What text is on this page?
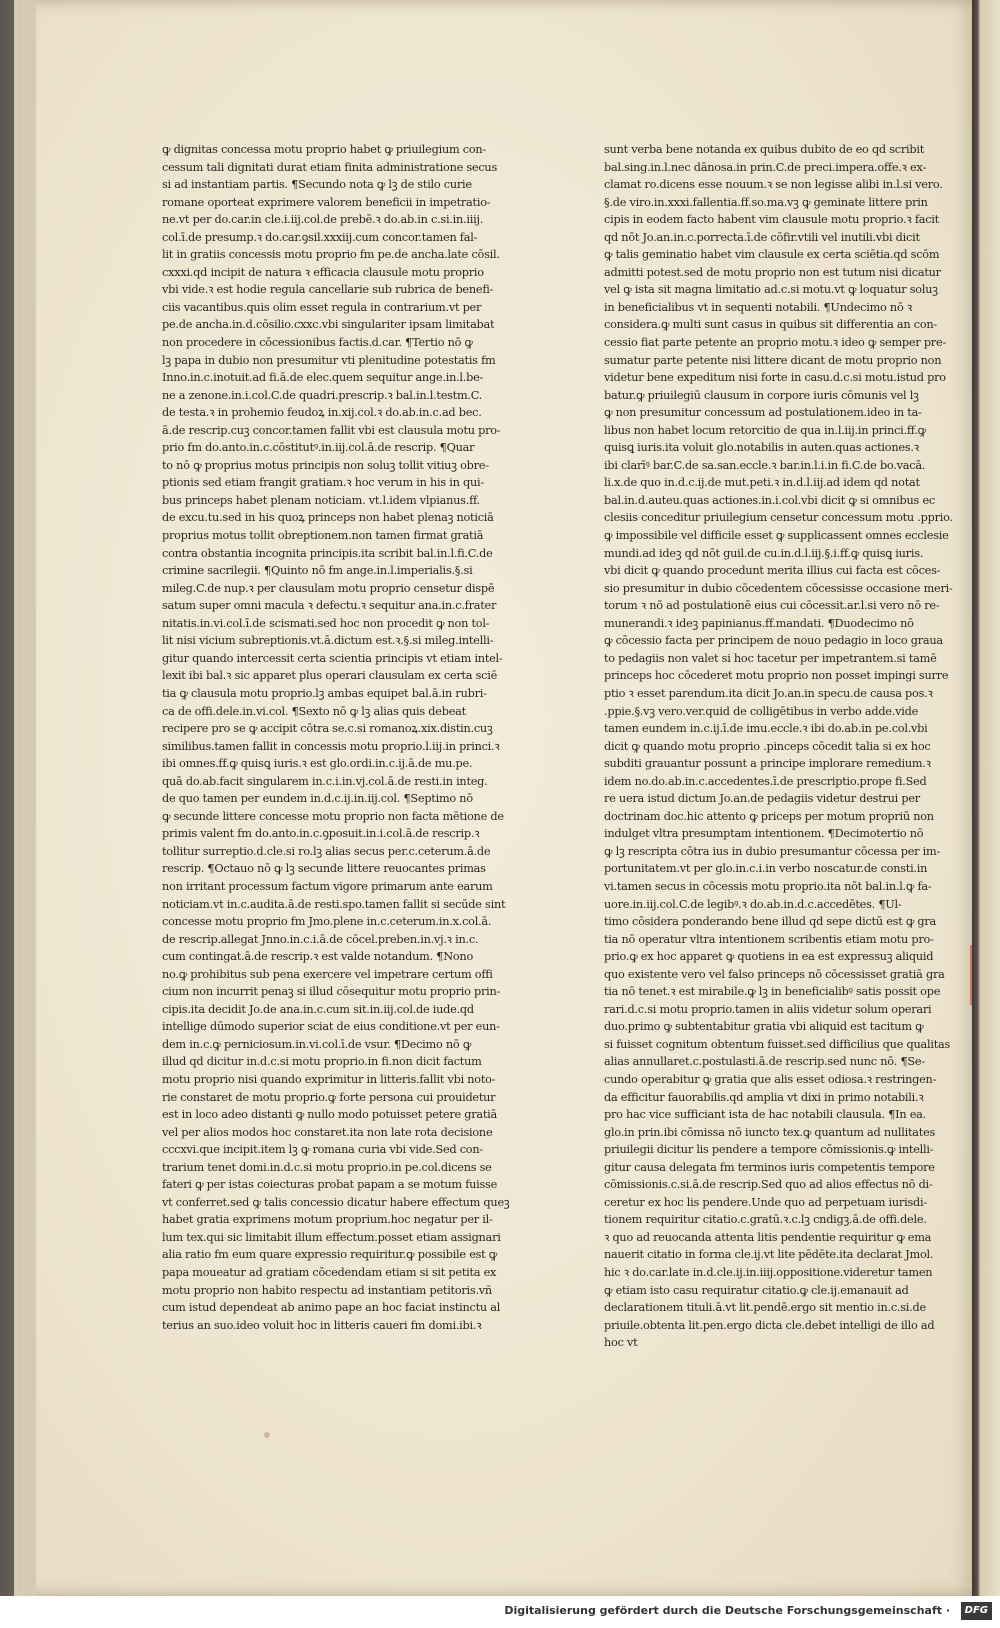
ꝙ dignitas concessa motu proprio habet ꝙ priuilegium con‑
cessum tali dignitati durat etiam finita administratione secus
si ad instantiam partis. ¶Secundo nota ꝙ lꝫ de stilo curie
romane oporteat exprimere valorem beneficii in impetratio‑
ne.vt per do.car.in cle.i.iij.col.de prebē.ꝛ do.ab.in c.si.in.iiij.
col.ī.de presump.ꝛ do.car.ꝯsil.xxxiij.cum concor.tamen fal‑
lit in gratiis concessis motu proprio fm pe.de ancha.late cōsil.
cxxxi.qd incipit de natura ꝛ efficacia clausule motu proprio
vbi vide.ꝛ est hodie regula cancellarie sub rubrica de benefi‑
ciis vacantibus.quis olim esset regula in contrarium.vt per
pe.de ancha.in.d.cōsilio.cxxc.vbi singulariter ipsam limitabat
non procedere in cōcessionibus factis.d.car. ¶Tertio nō ꝙ
lꝫ papa in dubio non presumitur vti plenitudine potestatis fm
Inno.in.c.inotuit.ad fi.ā.de elec.quem sequitur ange.in.l.be‑
ne a zenone.in.i.col.C.de quadri.prescrip.ꝛ bal.in.l.testm.C.
de testa.ꝛ in prohemio feudoꝝ in.xij.col.ꝛ do.ab.in.c.ad bec.
ā.de rescrip.cuꝫ concor.tamen fallit vbi est clausula motu pro‑
prio fm do.anto.in.c.cōstitutꝰ.in.iij.col.ā.de rescrip. ¶Quar
to nō ꝙ proprius motus principis non soluꝫ tollit vitiuꝫ obre‑
ptionis sed etiam frangit gratiam.ꝛ hoc verum in his in qui‑
bus princeps habet plenam noticiam. vt.l.idem vlpianus.ff.
de excu.tu.sed in his quoꝝ princeps non habet plenaꝫ noticiā
proprius motus tollit obreptionem.non tamen firmat gratiā
contra obstantia incognita principis.ita scribit bal.in.l.fi.C.de
crimine sacrilegii. ¶Quinto nō fm ange.in.l.imperialis.§.si
mileg.C.de nup.ꝛ per clausulam motu proprio censetur dispē
satum super omni macula ꝛ defectu.ꝛ sequitur ana.in.c.frater
nitatis.in.vi.col.ī.de scismati.sed hoc non procedit ꝙ non tol‑
lit nisi vicium subreptionis.vt.ā.dictum est.ꝛ.§.si mileg.intelli‑
gitur quando intercessit certa scientia principis vt etiam intel‑
lexit ibi bal.ꝛ sic apparet plus operari clausulam ex certa sciē
tia ꝙ clausula motu proprio.lꝫ ambas equipet bal.ā.in rubri‑
ca de offi.dele.in.vi.col. ¶Sexto nō ꝙ lꝫ alias quis debeat
recipere pro se ꝙ accipit cōtra se.c.si romanoꝝ.xix.distin.cuꝫ
similibus.tamen fallit in concessis motu proprio.l.iij.in princi.ꝛ
ibi omnes.ff.ꝙ quisꝗ iuris.ꝛ est glo.ordi.in.c.ij.ā.de mu.pe.
quā do.ab.facit singularem in.c.i.in.vj.col.ā.de resti.in integ.
de quo tamen per eundem in.d.c.ij.in.iij.col. ¶Septimo nō
ꝙ secunde littere concesse motu proprio non facta mētione de
primis valent fm do.anto.in.c.ꝯposuit.in.i.col.ā.de rescrip.ꝛ
tollitur surreptio.d.cle.si ro.lꝫ alias secus per.c.ceterum.ā.de
rescrip. ¶Octauo nō ꝙ lꝫ secunde littere reuocantes primas
non irritant processum factum vigore primarum ante earum
noticiam.vt in.c.audita.ā.de resti.spo.tamen fallit si secūde sint
concesse motu proprio fm Jmo.plene in.c.ceterum.in.x.col.ā.
de rescrip.allegat Jnno.in.c.i.ā.de cōcel.preben.in.vj.ꝛ in.c.
cum contingat.ā.de rescrip.ꝛ est valde notandum. ¶Nono
no.ꝙ prohibitus sub pena exercere vel impetrare certum offi
cium non incurrit penaꝫ si illud cōsequitur motu proprio prin‑
cipis.ita decidit Jo.de ana.in.c.cum sit.in.iij.col.de iude.qd
intellige dūmodo superior sciat de eius conditione.vt per eun‑
dem in.c.ꝙ perniciosum.in.vi.col.ī.de vsur. ¶Decimo nō ꝙ
illud qd dicitur in.d.c.si motu proprio.in fi.non dicit factum
motu proprio nisi quando exprimitur in litteris.fallit vbi noto‑
rie constaret de motu proprio.ꝙ forte persona cui prouidetur
est in loco adeo distanti ꝙ nullo modo potuisset petere gratiā
vel per alios modos hoc constaret.ita non late rota decisione
cccxvi.que incipit.item lꝫ ꝙ romana curia vbi vide.Sed con‑
trarium tenet domi.in.d.c.si motu proprio.in pe.col.dicens se
fateri ꝙ per istas coiecturas probat papam a se motum fuisse
vt conferret.sed ꝙ talis concessio dicatur habere effectum queꝫ
habet gratia exprimens motum proprium.hoc negatur per il‑
lum tex.qui sic limitabit illum effectum.posset etiam assignari
alia ratio fm eum quare expressio requiritur.ꝙ possibile est ꝙ
papa moueatur ad gratiam cōcedendam etiam si sit petita ex
motu proprio non habito respectu ad instantiam petitoris.vñ
cum istud dependeat ab animo pape an hoc faciat instinctu al
terius an suo.ideo voluit hoc in litteris caueri fm domi.ibi.ꝛ
sunt verba bene notanda ex quibus dubito de eo qd scribit
bal.sing.in.l.nec dānosa.in prin.C.de preci.impera.offe.ꝛ ex‑
clamat ro.dicens esse nouum.ꝛ se non legisse alibi in.l.si vero.
§.de viro.in.xxxi.fallentia.ff.so.ma.vꝫ ꝙ geminate littere prin
cipis in eodem facto habent vim clausule motu proprio.ꝛ facit
qd nōt Jo.an.in.c.porrecta.ī.de cōfir.vtili vel inutili.vbi dicit
ꝙ talis geminatio habet vim clausule ex certa sciētia.qd scōm
admitti potest.sed de motu proprio non est tutum nisi dicatur
vel ꝙ ista sit magna limitatio ad.c.si motu.vt ꝙ loquatur soluꝫ
in beneficialibus vt in sequenti notabili. ¶Undecimo nō ꝛ
considera.ꝙ multi sunt casus in quibus sit differentia an con‑
cessio fiat parte petente an proprio motu.ꝛ ideo ꝙ semper pre‑
sumatur parte petente nisi littere dicant de motu proprio non
videtur bene expeditum nisi forte in casu.d.c.si motu.istud pro
batur.ꝙ priuilegiū clausum in corpore iuris cōmunis vel lꝫ
ꝙ non presumitur concessum ad postulationem.ideo in ta‑
libus non habet locum retorcitio de qua in.l.iij.in princi.ff.ꝙ
quisꝗ iuris.ita voluit glo.notabilis in auten.quas actiones.ꝛ
ibi clarīꝰ bar.C.de sa.san.eccle.ꝛ bar.in.l.i.in fi.C.de bo.vacā.
li.x.de quo in.d.c.ij.de mut.peti.ꝛ in.d.l.iij.ad idem qd notat
bal.in.d.auteu.quas actiones.in.i.col.vbi dicit ꝙ si omnibus ec
clesiis conceditur priuilegium censetur concessum motu .pprio.
ꝙ impossibile vel difficile esset ꝙ supplicassent omnes ecclesie
mundi.ad ideꝫ qd nōt guil.de cu.in.d.l.iij.§.i.ff.ꝙ quisꝗ iuris.
vbi dicit ꝙ quando procedunt merita illius cui facta est cōces‑
sio presumitur in dubio cōcedentem cōcessisse occasione meri‑
torum ꝛ nō ad postulationē eius cui cōcessit.ar.l.si vero nō re‑
munerandi.ꝛ ideꝫ papinianus.ff.mandati. ¶Duodecimo nō
ꝙ cōcessio facta per principem de nouo pedagio in loco graua
to pedagiis non valet si hoc tacetur per impetrantem.si tamē
princeps hoc cōcederet motu proprio non posset impingi surre
ptio ꝛ esset parendum.ita dicit Jo.an.in specu.de causa pos.ꝛ
.ppie.§.vꝫ vero.ver.quid de colligētibus in verbo adde.vide
tamen eundem in.c.ij.ī.de imu.eccle.ꝛ ibi do.ab.in pe.col.vbi
dicit ꝙ quando motu proprio .pinceps cōcedit talia si ex hoc
subditi grauantur possunt a principe implorare remedium.ꝛ
idem no.do.ab.in.c.accedentes.ī.de prescriptio.prope fi.Sed
re uera istud dictum Jo.an.de pedagiis videtur destrui per
doctrinam doc.hic attento ꝙ priceps per motum propriū non
indulget vltra presumptam intentionem. ¶Decimotertio nō
ꝙ lꝫ rescripta cōtra ius in dubio presumantur cōcessa per im‑
portunitatem.vt per glo.in.c.i.in verbo noscatur.de consti.in
vi.tamen secus in cōcessis motu proprio.ita nōt bal.in.l.ꝙ fa‑
uore.in.iij.col.C.de legibꝰ.ꝛ do.ab.in.d.c.accedētes. ¶Ul‑
timo cōsidera ponderando bene illud qd sepe dictū est ꝙ gra
tia nō operatur vltra intentionem scribentis etiam motu pro‑
prio.ꝙ ex hoc apparet ꝙ quotiens in ea est expressuꝫ aliquid
quo existente vero vel falso princeps nō cōcessisset gratiā gra
tia nō tenet.ꝛ est mirabile.ꝙ lꝫ in beneficialibꝰ satis possit ope
rari.d.c.si motu proprio.tamen in aliis videtur solum operari
duo.primo ꝙ subtentabitur gratia vbi aliquid est tacitum ꝙ
si fuisset cognitum obtentum fuisset.sed difficilius que qualitas
alias annullaret.c.postulasti.ā.de rescrip.sed nunc nō. ¶Se‑
cundo operabitur ꝙ gratia que alis esset odiosa.ꝛ restringen‑
da efficitur fauorabilis.qd amplia vt dixi in primo notabili.ꝛ
pro hac vice sufficiant ista de hac notabili clausula. ¶In ea.
glo.in prin.ibi cōmissa nō iuncto tex.ꝙ quantum ad nullitates
priuilegii dicitur lis pendere a tempore cōmissionis.ꝙ intelli‑
gitur causa delegata fm terminos iuris competentis tempore
cōmissionis.c.si.ā.de rescrip.Sed quo ad alios effectus nō di‑
ceretur ex hoc lis pendere.Unde quo ad perpetuam iurisdi‑
tionem requiritur citatio.c.gratū.ꝛ.c.lꝫ cndigꝫ.ā.de offi.dele.
ꝛ quo ad reuocanda attenta litis pendentie requiritur ꝙ ema
nauerit citatio in forma cle.ij.vt lite pēdēte.ita declarat Jmol.
hic ꝛ do.car.late in.d.cle.ij.in.iiij.oppositione.videretur tamen
ꝙ etiam isto casu requiratur citatio.ꝙ cle.ij.emanauit ad
declarationem tituli.ā.vt lit.pendē.ergo sit mentio in.c.si.de
priuile.obtenta lit.pen.ergo dicta cle.debet intelligi de illo ad
hoc vt
Digitalisierung gefördert durch die Deutsche Forschungsgemeinschaft ·	DFG
